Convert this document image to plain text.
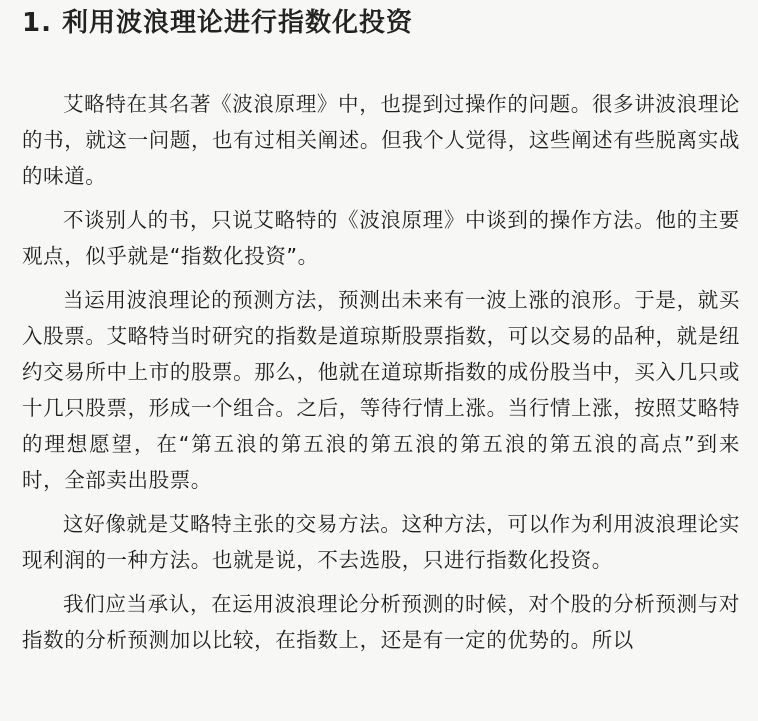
1. 利用波浪理论进行指数化投资

艾略特在其名著《波浪原理》中，也提到过操作的问题。很多讲波浪理论的书，就这一问题，也有过相关阐述。但我个人觉得，这些阐述有些脱离实战的味道。

不谈别人的书，只说艾略特的《波浪原理》中谈到的操作方法。他的主要观点，似乎就是“指数化投资”。

当运用波浪理论的预测方法，预测出未来有一波上涨的浪形。于是，就买入股票。艾略特当时研究的指数是道琼斯股票指数，可以交易的品种，就是纽约交易所中上市的股票。那么，他就在道琼斯指数的成份股当中，买入几只或十几只股票，形成一个组合。之后，等待行情上涨。当行情上涨，按照艾略特的理想愿望，在“第五浪的第五浪的第五浪的第五浪的第五浪的高点”到来时，全部卖出股票。

这好像就是艾略特主张的交易方法。这种方法，可以作为利用波浪理论实现利润的一种方法。也就是说，不去选股，只进行指数化投资。

我们应当承认，在运用波浪理论分析预测的时候，对个股的分析预测与对指数的分析预测加以比较，在指数上，还是有一定的优势的。所以
